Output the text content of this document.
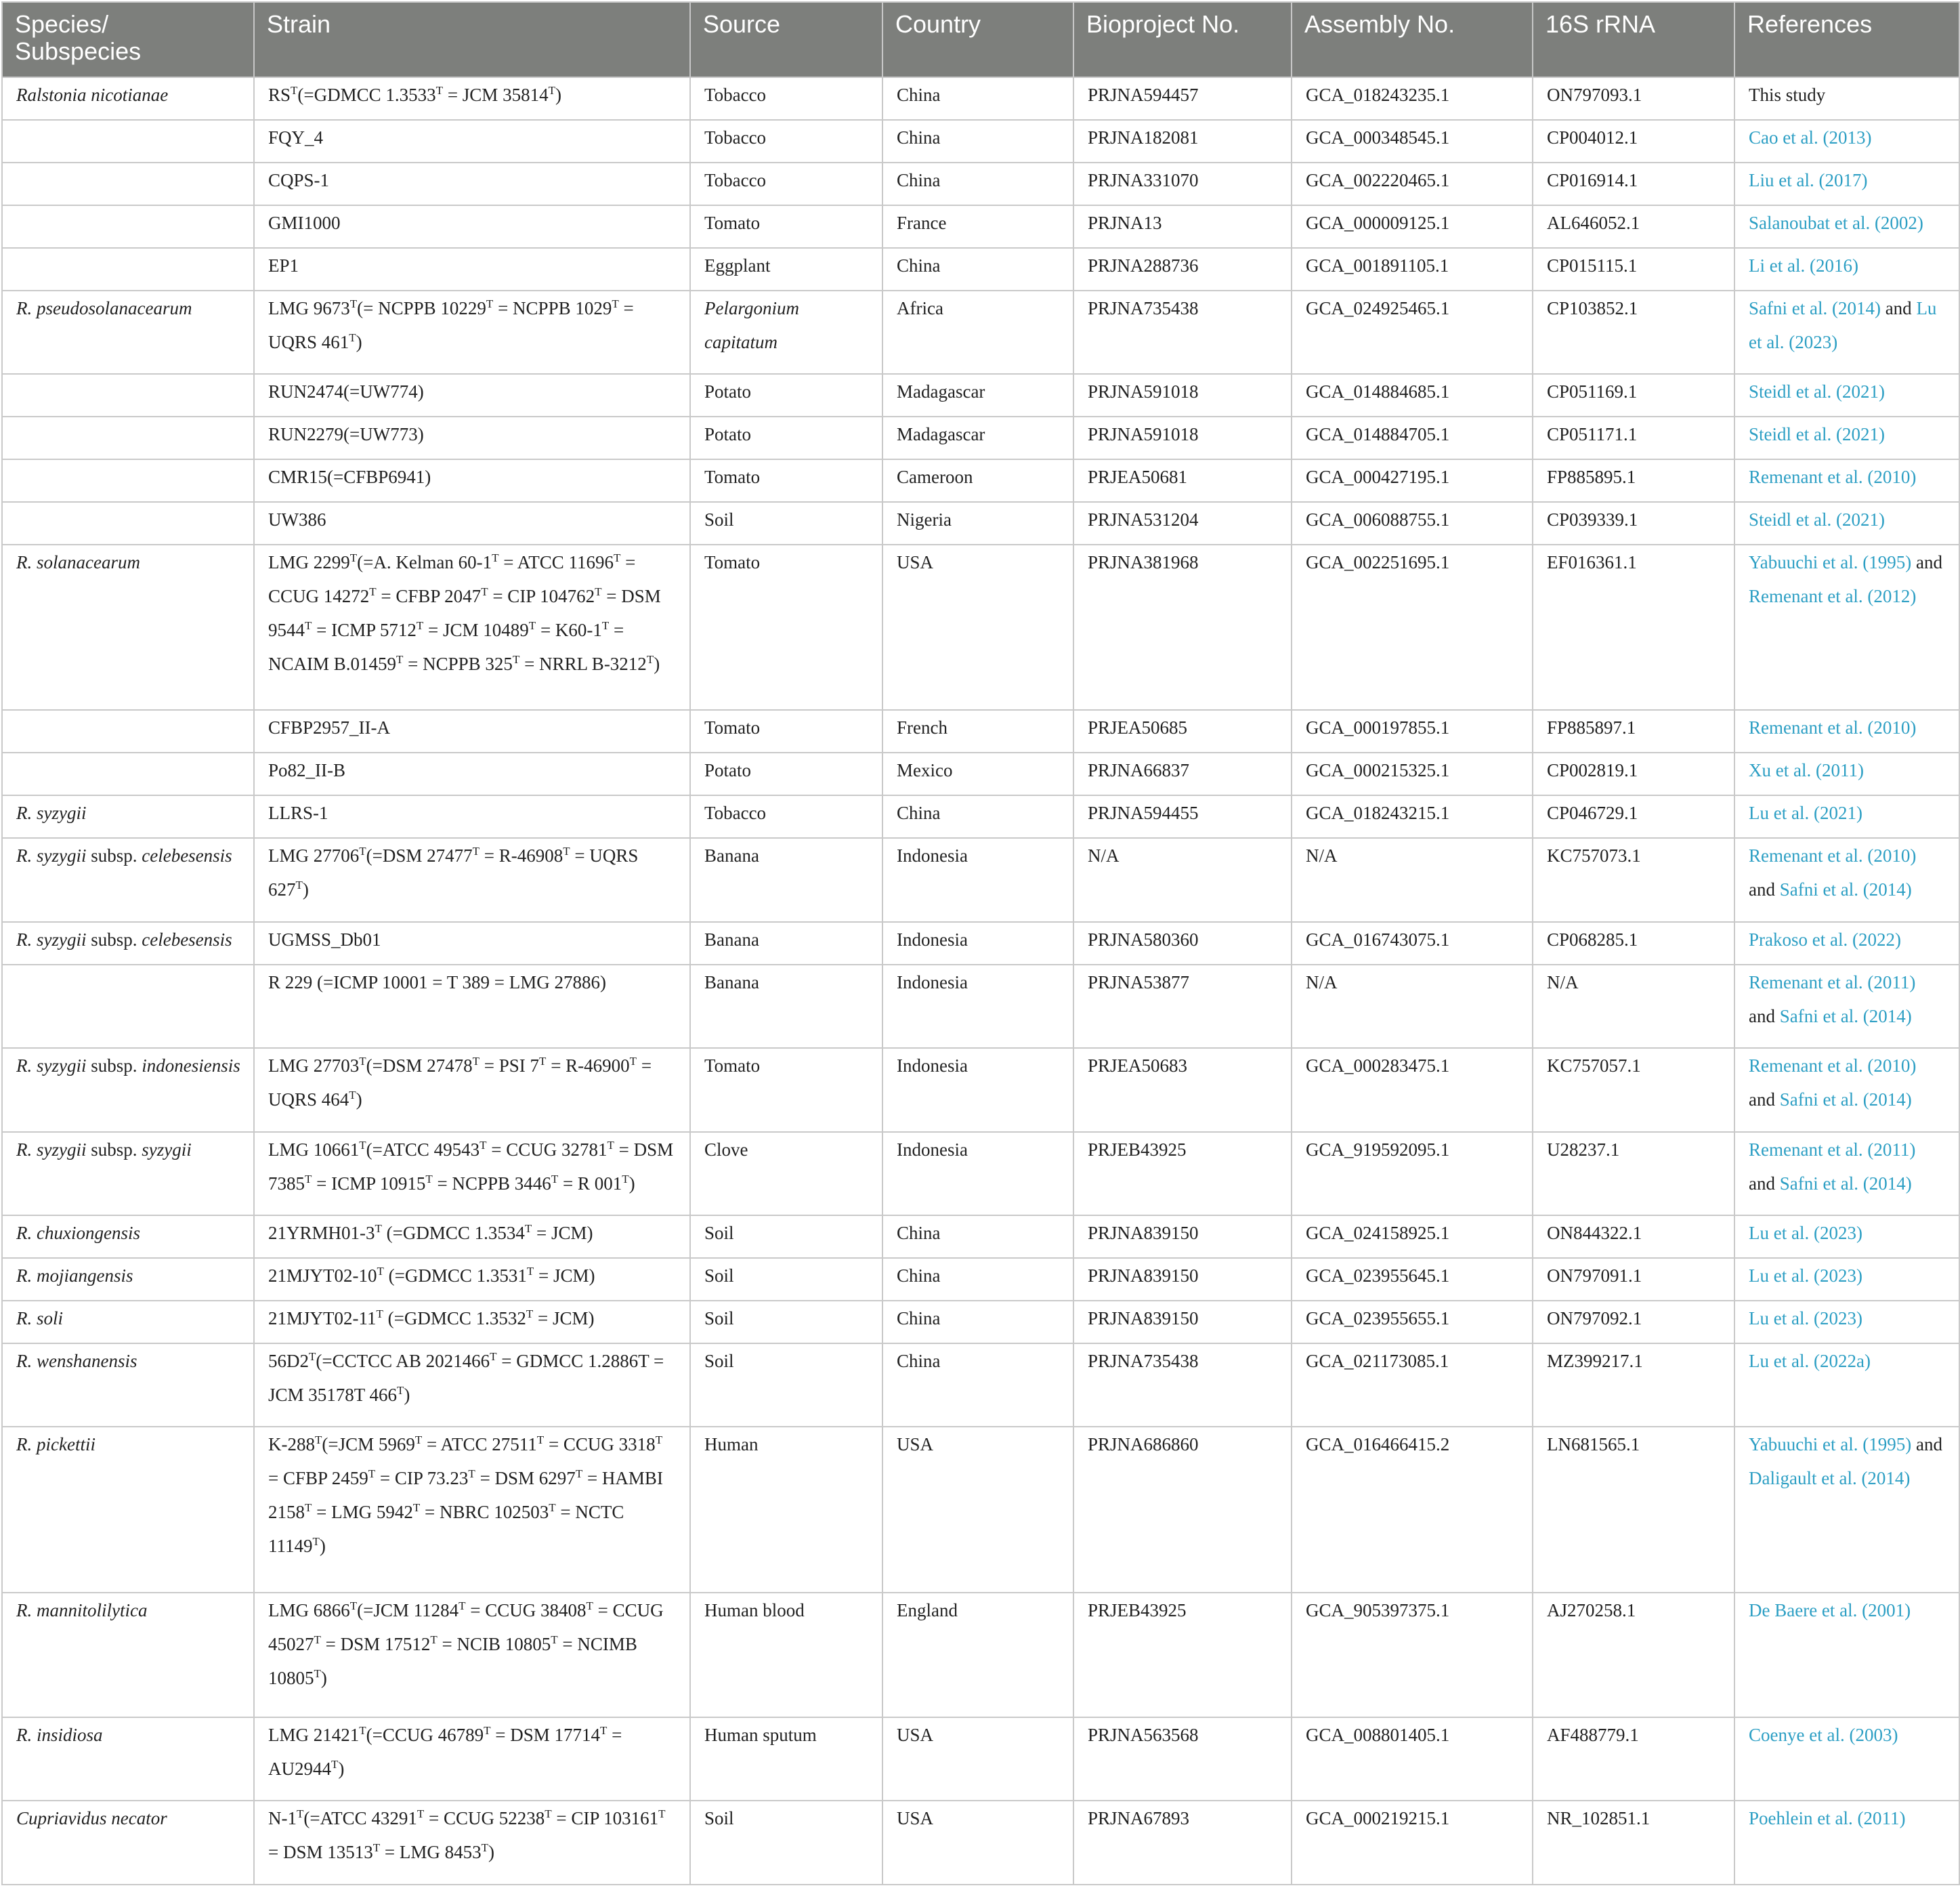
Species/ Subspecies	Strain	Source	Country	Bioproject No.	Assembly No.	16S rRNA	References
Ralstonia nicotianae	$RS^T(=GDMCC$ $1.3533^T$ = JCM $35814^T$)	Tobacco	China	PRJNA594457	GCA_018243235.1	ON797093.1	This study
	FQY_4	Tobacco	China	PRJNA182081	GCA_000348545.1	CP004012.1	Cao et al. (2013)
	CQPS-1	Tobacco	China	PRJNA331070	GCA_002220465.1	CP016914.1	Liu et al. (2017)
	GMI1000	Tomato	France	PRJNA13	GCA_000009125.1	AL646052.1	Salanoubat et al. (2002)
	EP1	Eggplant	China	PRJNA288736	GCA_001891105.1	CP015115.1	Li et al. (2016)
R. pseudosolanacearum	LMG $9673^T(=$ NCPPB $10229^T$ = NCPPB $1029^T$ = UQRS $461^T$)	Pelargonium capitatum	Africa	PRJNA735438	GCA_024925465.1	CP103852.1	Safni et al. (2014) and Lu et al. (2023)
	RUN2474(=UW774)	Potato	Madagascar	PRJNA591018	GCA_014884685.1	CP051169.1	Steidl et al. (2021)
	RUN2279(=UW773)	Potato	Madagascar	PRJNA591018	GCA_014884705.1	CP051171.1	Steidl et al. (2021)
	CMR15(=CFBP6941)	Tomato	Cameroon	PRJEA50681	GCA_000427195.1	FP885895.1	Remenant et al. (2010)
	UW386	Soil	Nigeria	PRJNA531204	GCA_006088755.1	CP039339.1	Steidl et al. (2021)
R. solanacearum	LMG $2299^T(=A$. Kelman $60-1^T$ = ATCC $11696^T$ = CCUG $14272^T$ = CFBP $2047^T$ = CIP $104762^T$ = DSM $9544^T$ = ICMP $5712^T$ = JCM $10489^T = K60-1^T$ = NCAIM $B.01459^T$ = NCPPB $325^T$ = NRRL $B-3212^T$)	Tomato	USA	PRJNA381968	GCA_002251695.1	EF016361.1	Yabuuchi et al. (1995) and Remenant et al. (2012)
	CFBP2957_II-A	Tomato	French	PRJEA50685	GCA_000197855.1	FP885897.1	Remenant et al. (2010)
	Po82_II-B	Potato	Mexico	PRJNA66837	GCA_000215325.1	CP002819.1	Xu et al. (2011)
R. syzygii	LLRS-1	Tobacco	China	PRJNA594455	GCA_018243215.1	CP046729.1	Lu et al. (2021)
R. syzygii subsp. celebesensis	LMG $27706^T(=DSM$ $27477^T = R-46908^T$ = UQRS $627^T$)	Banana	Indonesia	N/A	N/A	KC757073.1	Remenant et al. (2010) and Safni et al. (2014)
R. syzygii subsp. celebesensis	UGMSS_Db01	Banana	Indonesia	PRJNA580360	GCA_016743075.1	CP068285.1	Prakoso et al. (2022)
	R 229 (=ICMP 10001 = T 389 = LMG 27886)	Banana	Indonesia	PRJNA53877	N/A	N/A	Remenant et al. (2011) and Safni et al. (2014)
R. syzygii subsp. indonesiensis	LMG $27703^T(=DSM$ $27478^T$ = PSI $7^T = R-46900^T$ = UQRS $464^T$)	Tomato	Indonesia	PRJEA50683	GCA_000283475.1	KC757057.1	Remenant et al. (2010) and Safni et al. (2014)
R. syzygii subsp. syzygii	LMG $10661^T(=ATCC$ $49543^T$ = CCUG $32781^T$ = DSM $7385^T$ = ICMP $10915^T$ = NCPPB $3446^T = R$ $001^T$)	Clove	Indonesia	PRJEB43925	GCA_919592095.1	U28237.1	Remenant et al. (2011) and Safni et al. (2014)
R. chuxiongensis	$21YRMH01-3^T$ (=GDMCC $1.3534^T = JCM$)	Soil	China	PRJNA839150	GCA_024158925.1	ON844322.1	Lu et al. (2023)
R. mojiangensis	$21MJYT02-10^T$ (=GDMCC $1.3531^T = JCM$)	Soil	China	PRJNA839150	GCA_023955645.1	ON797091.1	Lu et al. (2023)
R. soli	$21MJYT02-11^T$ (=GDMCC $1.3532^T = JCM$)	Soil	China	PRJNA839150	GCA_023955655.1	ON797092.1	Lu et al. (2023)
R. wenshanensis	$56D2^T(=CCTCC$ AB $2021466^T$ = GDMCC 1.2886T = JCM 35178T $466^T$)	Soil	China	PRJNA735438	GCA_021173085.1	MZ399217.1	Lu et al. (2022a)
R. pickettii	$K-288^T(=JCM$ $5969^T$ = ATCC $27511^T$ = CCUG $3318^T$ = CFBP $2459^T$ = CIP $73.23^T$ = DSM $6297^T$ = HAMBI $2158^T$ = LMG $5942^T$ = NBRC $102503^T$ = NCTC $11149^T$)	Human	USA	PRJNA686860	GCA_016466415.2	LN681565.1	Yabuuchi et al. (1995) and Daligault et al. (2014)
R. mannitolilytica	LMG $6866^T(=JCM$ $11284^T$ = CCUG $38408^T$ = CCUG $45027^T$ = DSM $17512^T$ = NCIB $10805^T$ = NCIMB $10805^T$)	Human blood	England	PRJEB43925	GCA_905397375.1	AJ270258.1	De Baere et al. (2001)
R. insidiosa	LMG $21421^T(=CCUG$ $46789^T$ = DSM $17714^T = AU2944^T$)	Human sputum	USA	PRJNA563568	GCA_008801405.1	AF488779.1	Coenye et al. (2003)
Cupriavidus necator	$N-1^T(=ATCC$ $43291^T$ = CCUG $52238^T$ = CIP $103161^T$ = DSM $13513^T$ = LMG $8453^T$)	Soil	USA	PRJNA67893	GCA_000219215.1	NR_102851.1	Poehlein et al. (2011)
